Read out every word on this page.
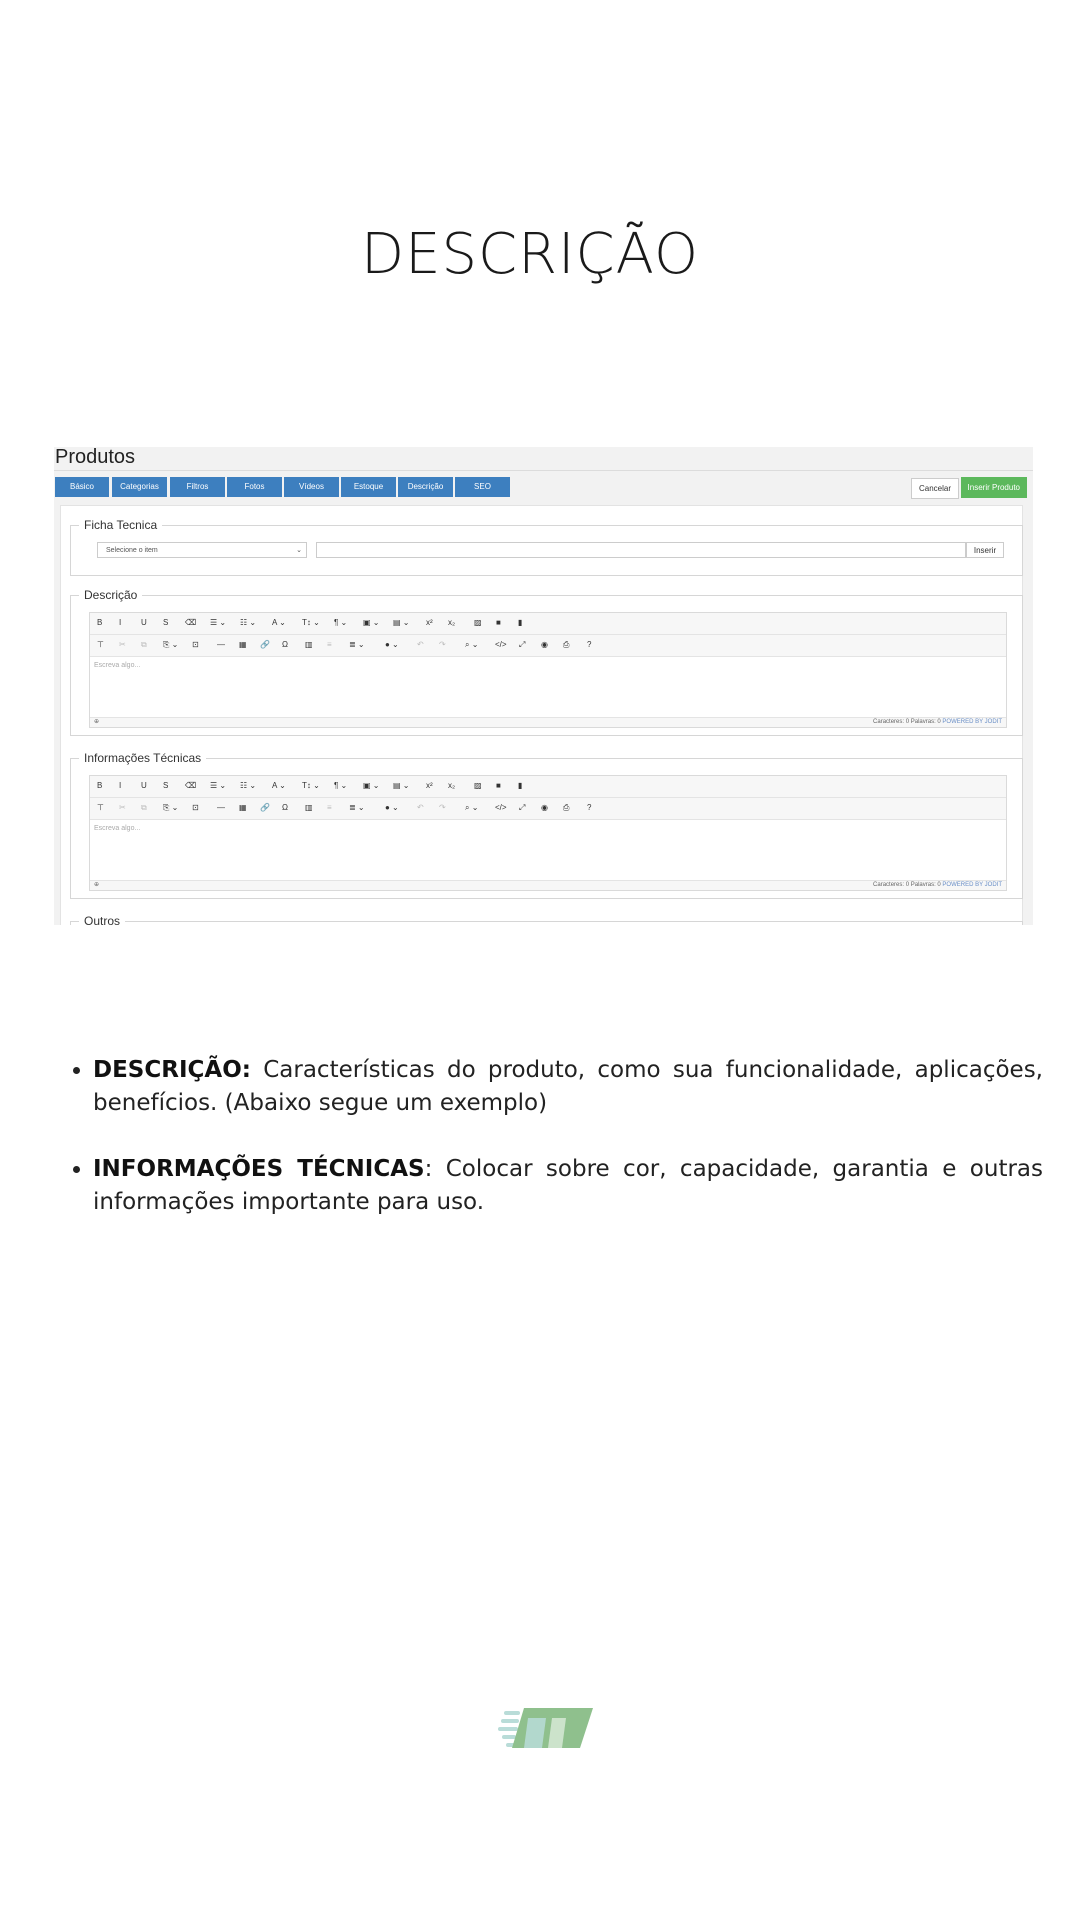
DESCRIÇÃO
Produtos
Básico	Categorias	Filtros	Fotos	Vídeos	Estoque	Descrição	SEO	Cancelar	Inserir Produto
Ficha Tecnica
Selecione o item	⌄	Inserir
Descrição
B I U S ⌫ ☰ ⌄ ☷ ⌄ A ⌄ T↕ ⌄ ¶ ⌄ ▣ ⌄ ▤ ⌄ x² x₂ ▨ ■ ▮
⊤ ✂ ⧉ ⎘ ⌄ ⊡ — ▦ 🔗 Ω ▥ ≡ ≣ ⌄	● ⌄ ↶ ↷ ⌕ ⌄ </> ⤢ ◉ ⎙ ?
Escreva algo...
⊕	Caracteres: 0 Palavras: 0 POWERED BY JODIT
Informações Técnicas
B I U S ⌫ ☰ ⌄ ☷ ⌄ A ⌄ T↕ ⌄ ¶ ⌄ ▣ ⌄ ▤ ⌄ x² x₂ ▨ ■ ▮
⊤ ✂ ⧉ ⎘ ⌄ ⊡ — ▦ 🔗 Ω ▥ ≡ ≣ ⌄	● ⌄ ↶ ↷ ⌕ ⌄ </> ⤢ ◉ ⎙ ?
Escreva algo...
⊕	Caracteres: 0 Palavras: 0 POWERED BY JODIT
Outros
• DESCRIÇÃO: Características do produto, como sua funcionalidade, aplicações, benefícios. (Abaixo segue um exemplo)
• INFORMAÇÕES TÉCNICAS: Colocar sobre cor, capacidade, garantia e outras informações importante para uso.
